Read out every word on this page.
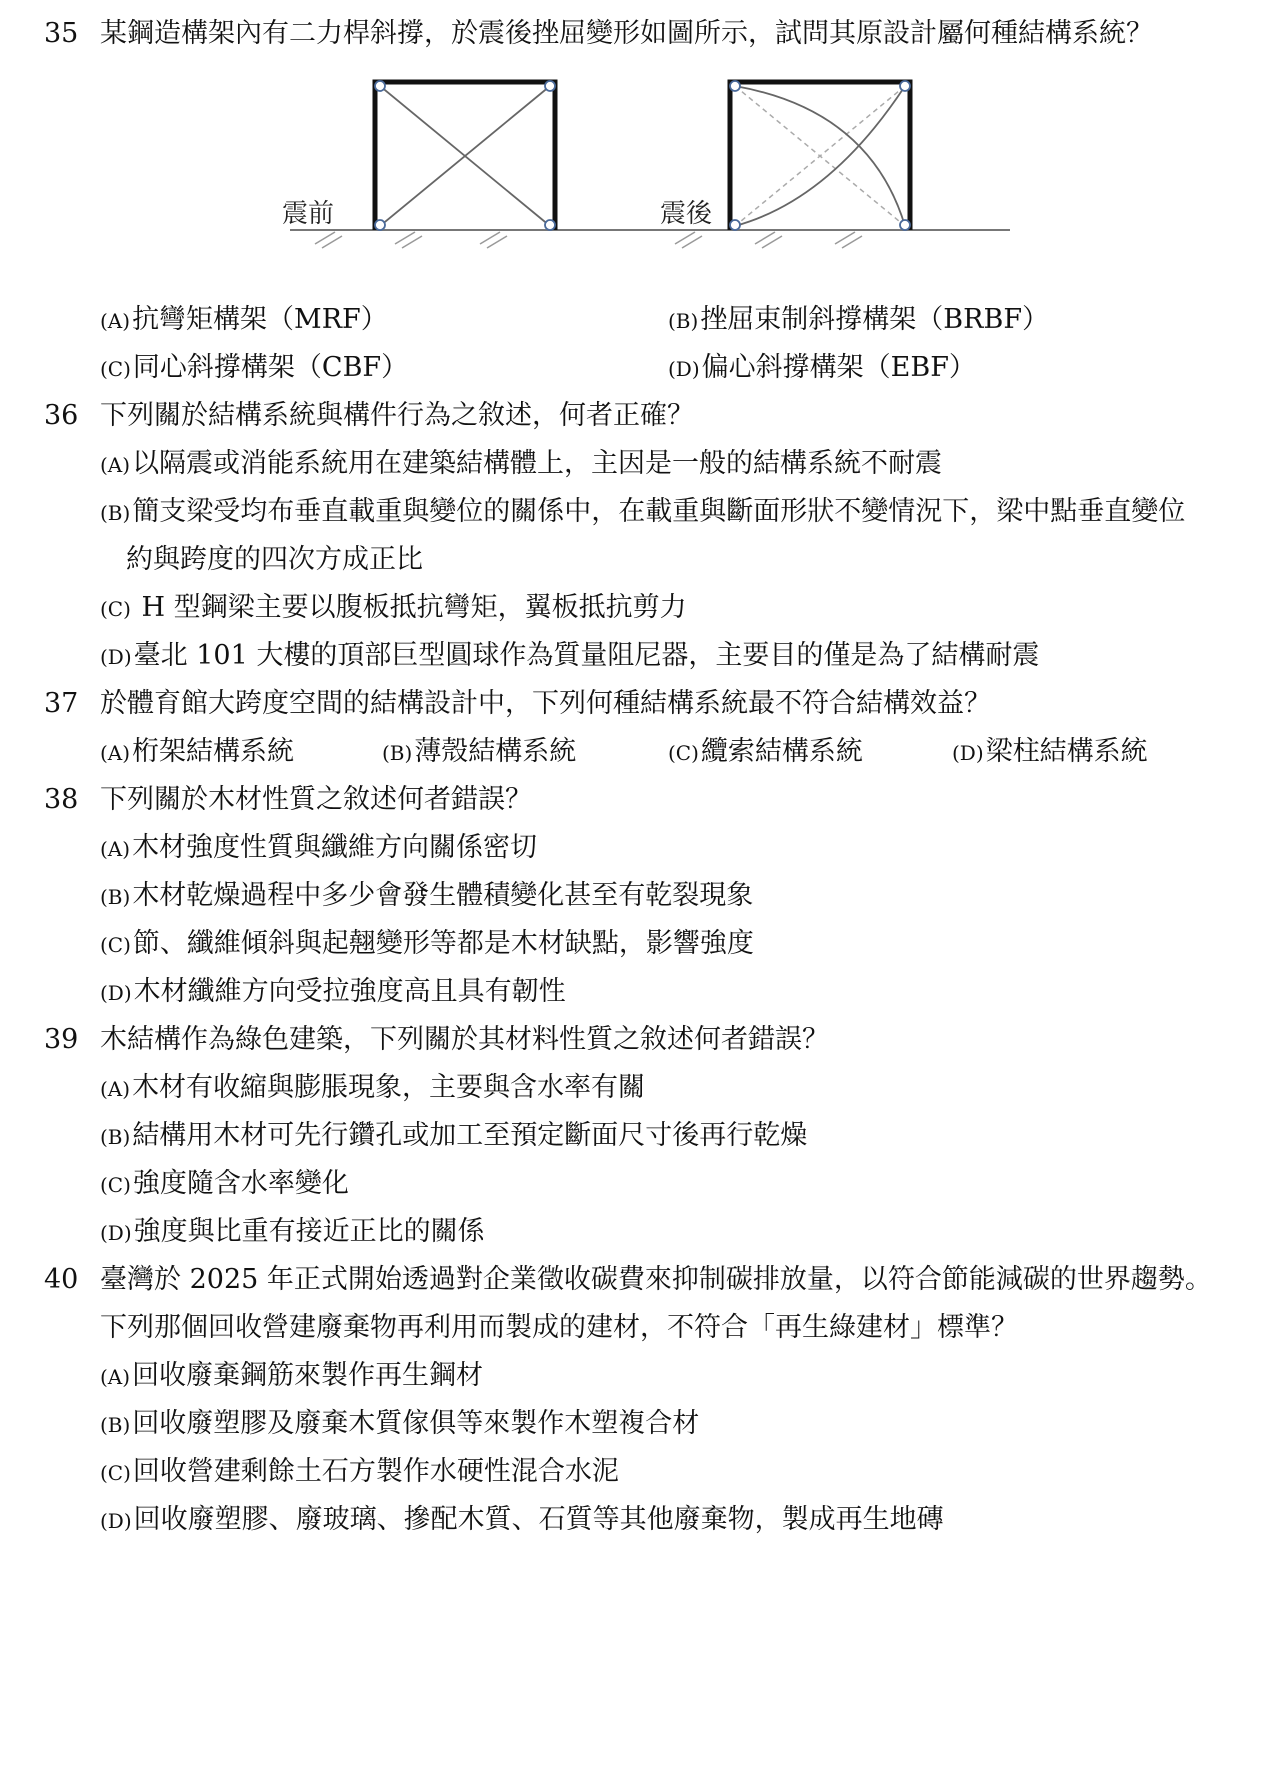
35 某鋼造構架內有二力桿斜撐，於震後挫屈變形如圖所示，試問其原設計屬何種結構系統？
震前	震後
(A)抗彎矩構架（MRF）	(B)挫屈束制斜撐構架（BRBF）
(C)同心斜撐構架（CBF）	(D)偏心斜撐構架（EBF）
36 下列關於結構系統與構件行為之敘述，何者正確？
(A)以隔震或消能系統用在建築結構體上，主因是一般的結構系統不耐震
(B)簡支梁受均布垂直載重與變位的關係中，在載重與斷面形狀不變情況下，梁中點垂直變位
約與跨度的四次方成正比
(C) H 型鋼梁主要以腹板抵抗彎矩，翼板抵抗剪力
(D)臺北 101 大樓的頂部巨型圓球作為質量阻尼器，主要目的僅是為了結構耐震
37 於體育館大跨度空間的結構設計中，下列何種結構系統最不符合結構效益？
(A)桁架結構系統	(B)薄殼結構系統	(C)纜索結構系統	(D)梁柱結構系統
38 下列關於木材性質之敘述何者錯誤？
(A)木材強度性質與纖維方向關係密切
(B)木材乾燥過程中多少會發生體積變化甚至有乾裂現象
(C)節、纖維傾斜與起翹變形等都是木材缺點，影響強度
(D)木材纖維方向受拉強度高且具有韌性
39 木結構作為綠色建築，下列關於其材料性質之敘述何者錯誤？
(A)木材有收縮與膨脹現象，主要與含水率有關
(B)結構用木材可先行鑽孔或加工至預定斷面尺寸後再行乾燥
(C)強度隨含水率變化
(D)強度與比重有接近正比的關係
40 臺灣於 2025 年正式開始透過對企業徵收碳費來抑制碳排放量，以符合節能減碳的世界趨勢。
下列那個回收營建廢棄物再利用而製成的建材，不符合「再生綠建材」標準？
(A)回收廢棄鋼筋來製作再生鋼材
(B)回收廢塑膠及廢棄木質傢俱等來製作木塑複合材
(C)回收營建剩餘土石方製作水硬性混合水泥
(D)回收廢塑膠、廢玻璃、摻配木質、石質等其他廢棄物，製成再生地磚
